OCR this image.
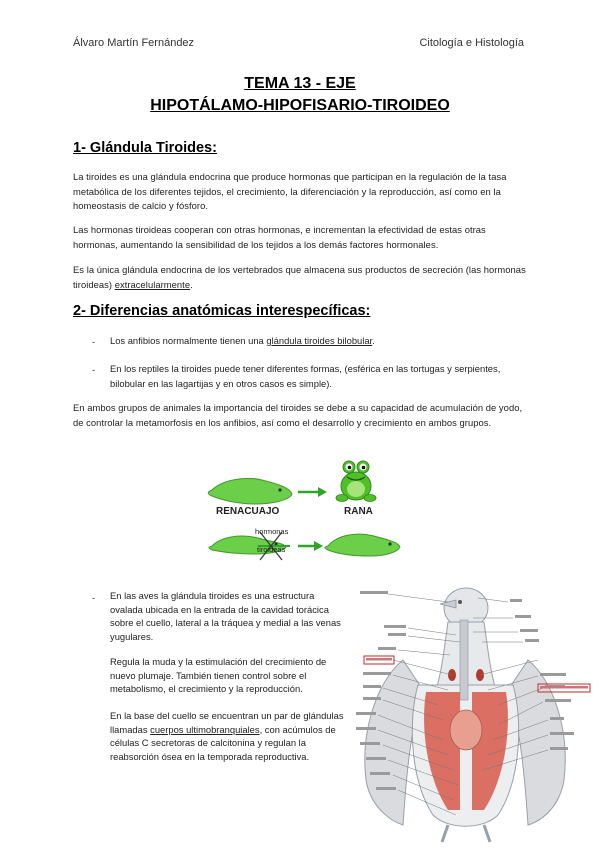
Álvaro Martín Fernández	Citología e Histología
TEMA 13 - EJE
HIPOTÁLAMO-HIPOFISARIO-TIROIDEO
1- Glándula Tiroides:
La tiroides es una glándula endocrina que produce hormonas que participan en la regulación de la tasa metabólica de los diferentes tejidos, el crecimiento, la diferenciación y la reproducción, así como en la homeostasis de calcio y fósforo.
Las hormonas tiroideas cooperan con otras hormonas, e incrementan la efectividad de estas otras hormonas, aumentando la sensibilidad de los tejidos a los demás factores hormonales.
Es la única glándula endocrina de los vertebrados que almacena sus productos de secreción (las hormonas tiroideas) extracelularmente.
2- Diferencias anatómicas interespecíficas:
-	Los anfibios normalmente tienen una glándula tiroides bilobular.
-	En los reptiles la tiroides puede tener diferentes formas, (esférica en las tortugas y serpientes, bilobular en las lagartijas y en otros casos es simple).
En ambos grupos de animales la importancia del tiroides se debe a su capacidad de acumulación de yodo, de controlar la metamorfosis en los anfibios, así como el desarrollo y crecimiento en ambos grupos.
RENACUAJO	RANA
hormonas
tiroideas
-	En las aves la glándula tiroides es una estructura ovalada ubicada en la entrada de la cavidad torácica sobre el cuello, lateral a la tráquea y medial a las venas yugulares.
Regula la muda y la estimulación del crecimiento de nuevo plumaje. También tienen control sobre el metabolismo, el crecimiento y la reproducción.
En la base del cuello se encuentran un par de glándulas llamadas cuerpos ultimobranquiales, con acúmulos de células C secretoras de calcitonina y regulan la reabsorción ósea en la temporada reproductiva.
